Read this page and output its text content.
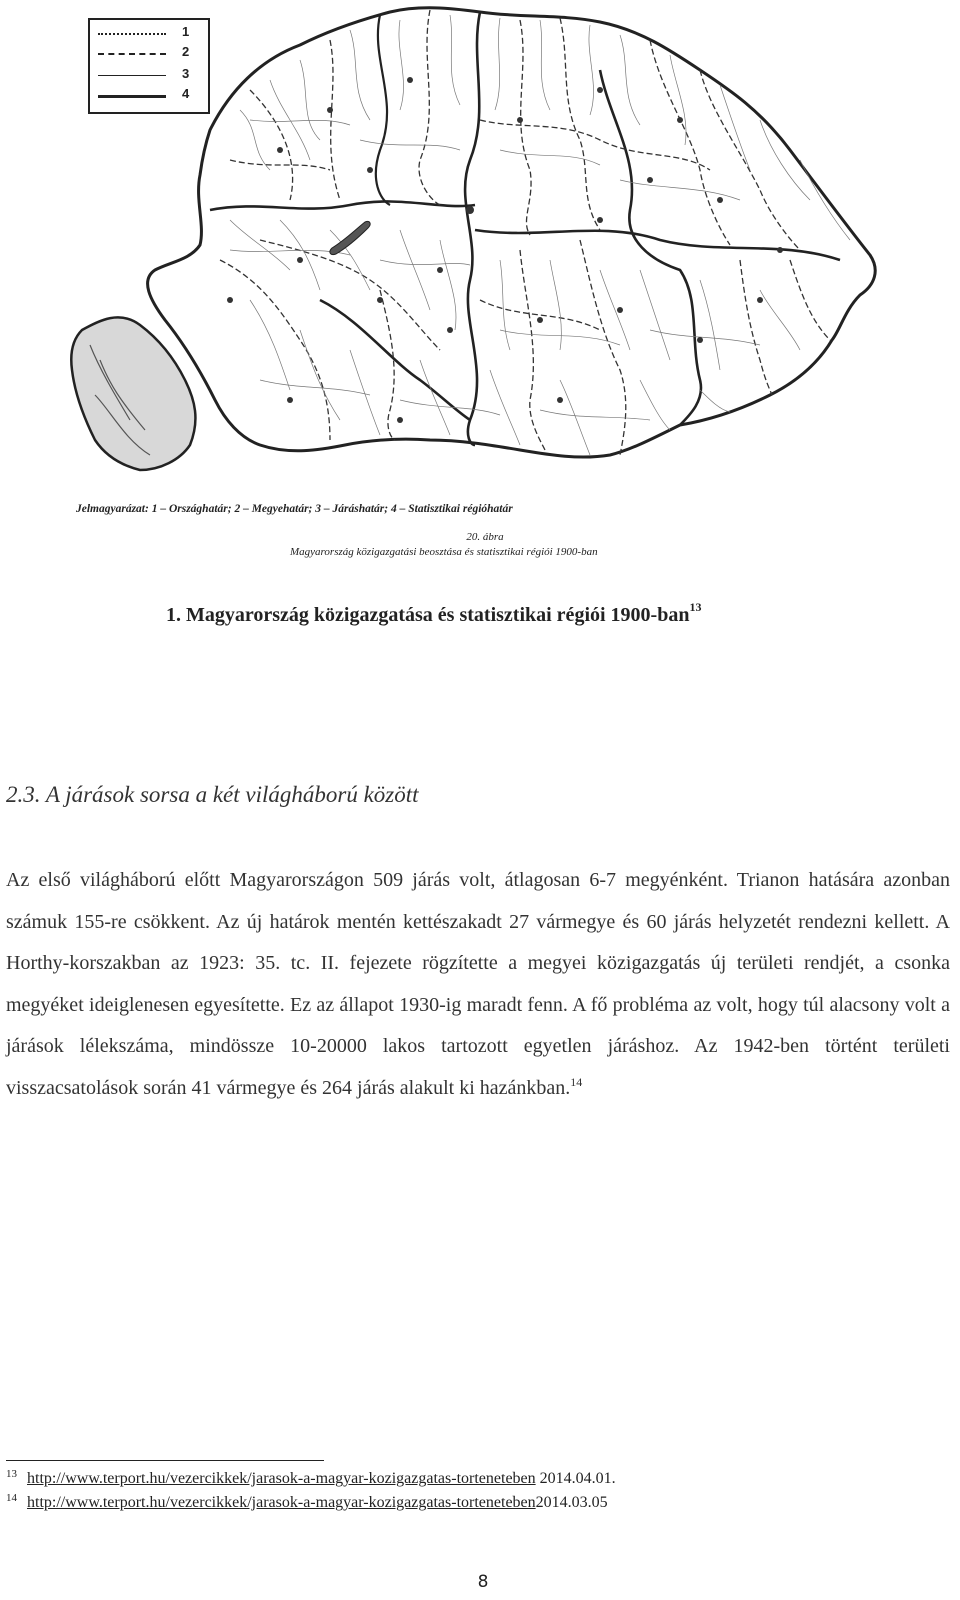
1
2
3
4
Jelmagyarázat: 1 – Országhatár; 2 – Megyehatár; 3 – Járáshatár; 4 – Statisztikai régióhatár
20. ábra
Magyarország közigazgatási beosztása és statisztikai régiói 1900-ban
1. Magyarország közigazgatása és statisztikai régiói 1900-ban$^{13}$
2.3. A járások sorsa a két világháború között
Az első világháború előtt Magyarországon 509 járás volt, átlagosan 6-7 megyénként. Trianon hatására azonban számuk 155-re csökkent. Az új határok mentén kettészakadt 27 vármegye és 60 járás helyzetét rendezni kellett. A Horthy-korszakban az 1923: 35. tc. II. fejezete rögzítette a megyei közigazgatás új területi rendjét, a csonka megyéket ideiglenesen egyesítette. Ez az állapot 1930-ig maradt fenn. A fő probléma az volt, hogy túl alacsony volt a járások lélekszáma, mindössze 10-20000 lakos tartozott egyetlen járáshoz. Az 1942-ben történt területi visszacsatolások során 41 vármegye és 264 járás alakult ki hazánkban.$^{14}$
$^{13}$ http://www.terport.hu/vezercikkek/jarasok-a-magyar-kozigazgatas-torteneteben 2014.04.01.
$^{14}$ http://www.terport.hu/vezercikkek/jarasok-a-magyar-kozigazgatas-torteneteben2014.03.05
8
